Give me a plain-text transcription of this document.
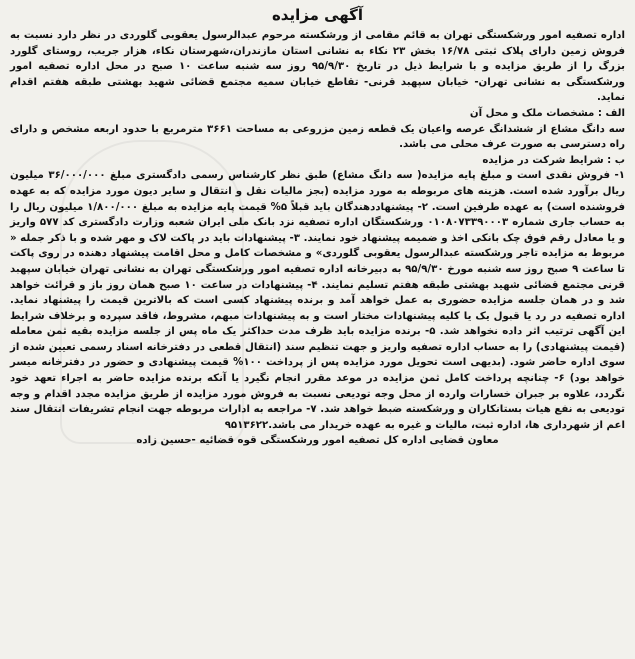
آگهی مزایده

اداره تصفیه امور ورشکستگی تهران به قائم مقامی از ورشکسته مرحوم عبدالرسول یعقوبی گلوردی در نظر دارد نسبت به فروش زمین دارای پلاک ثبتی ۱۶/۷۸ بخش ۲۳ نکاء به نشانی استان مازندران،شهرستان نکاء، هزار جریب، روستای گلورد بزرگ را از طریق مزایده و با شرایط ذیل در تاریخ ۹۵/۹/۳۰ روز سه شنبه ساعت ۱۰ صبح در محل اداره تصفیه امور ورشکستگی به نشانی تهران- خیابان سپهبد قرنی- تقاطع خیابان سمیه مجتمع قضائی شهید بهشتی طبقه هفتم اقدام نماید.

الف : مشخصات ملک و محل آن

سه دانگ مشاع از ششدانگ عرصه واعیان یک قطعه زمین مزروعی به مساحت ۳۶۶۱ مترمربع با حدود اربعه مشخص و دارای راه دسترسی به صورت عرف محلی می باشد.

ب : شرایط شرکت در مزایده

۱- فروش نقدی است و مبلغ پایه مزایده( سه دانگ مشاع) طبق نظر کارشناس رسمی دادگستری مبلغ ۳۶/۰۰۰/۰۰۰ میلیون ریال برآورد شده است. هزینه های مربوطه به مورد مزایده (بجز مالیات نقل و انتقال و سایر دیون مورد مزایده که به عهده فروشنده است) به عهده طرفین است. ۲- پیشنهاددهندگان باید قبلاً ۵% قیمت پایه مزایده به مبلغ ۱/۸۰۰/۰۰۰ میلیون ریال را به حساب جاری شماره ۰۱۰۸۰۷۳۳۹۰۰۰۳ ورشکستگان اداره تصفیه نزد بانک ملی ایران شعبه وزارت دادگستری کد ۵۷۷ واریز و یا معادل رقم فوق چک بانکی اخذ و ضمیمه پیشنهاد خود نمایند. ۳- پیشنهادات باید در پاکت لاک و مهر شده و با ذکر جمله « مربوط به مزایده تاجر ورشکسته عبدالرسول یعقوبی گلوردی» و مشخصات کامل و محل اقامت پیشنهاد دهنده در روی پاکت تا ساعت ۹ صبح روز سه شنبه مورخ ۹۵/۹/۳۰ به دبیرخانه اداره تصفیه امور ورشکستگی تهران به نشانی تهران خیابان سپهبد قرنی مجتمع قضائی شهید بهشتی طبقه هفتم تسلیم نمایند. ۴- پیشنهادات در ساعت ۱۰ صبح همان روز باز و قرائت خواهد شد و در همان جلسه مزایده حضوری به عمل خواهد آمد و برنده پیشنهاد کسی است که بالاترین قیمت را پیشنهاد نماید. اداره تصفیه در رد یا قبول یک یا کلیه پیشنهادات مختار است و به پیشنهادات مبهم، مشروط، فاقد سپرده و برخلاف شرایط این آگهی ترتیب اثر داده نخواهد شد. ۵- برنده مزایده باید ظرف مدت حداکثر یک ماه پس از جلسه مزایده بقیه ثمن معامله (قیمت پیشنهادی) را به حساب اداره تصفیه واریز و جهت تنظیم سند (انتقال قطعی در دفترخانه اسناد رسمی تعیین شده از سوی اداره حاضر شود. (بدیهی است تحویل مورد مزایده پس از پرداخت ۱۰۰% قیمت پیشنهادی و حضور در دفترخانه میسر خواهد بود) ۶- چنانچه پرداخت کامل ثمن مزایده در موعد مقرر انجام نگیرد یا آنکه برنده مزایده حاضر به اجراء تعهد خود نگردد، علاوه بر جبران خسارات وارده از محل وجه تودیعی نسبت به فروش مورد مزایده از طریق مزایده مجدد اقدام و وجه تودیعی به نفع هیات بستانکاران و ورشکسته ضبط خواهد شد. ۷- مراجعه به ادارات مربوطه جهت انجام تشریفات انتقال سند اعم از شهرداری ها، اداره ثبت، مالیات و غیره به عهده خریدار می باشد.۹۵۱۳۶۲۲

معاون قضایی اداره کل تصفیه امور ورشکستگی قوه قضائیه -حسین زاده
